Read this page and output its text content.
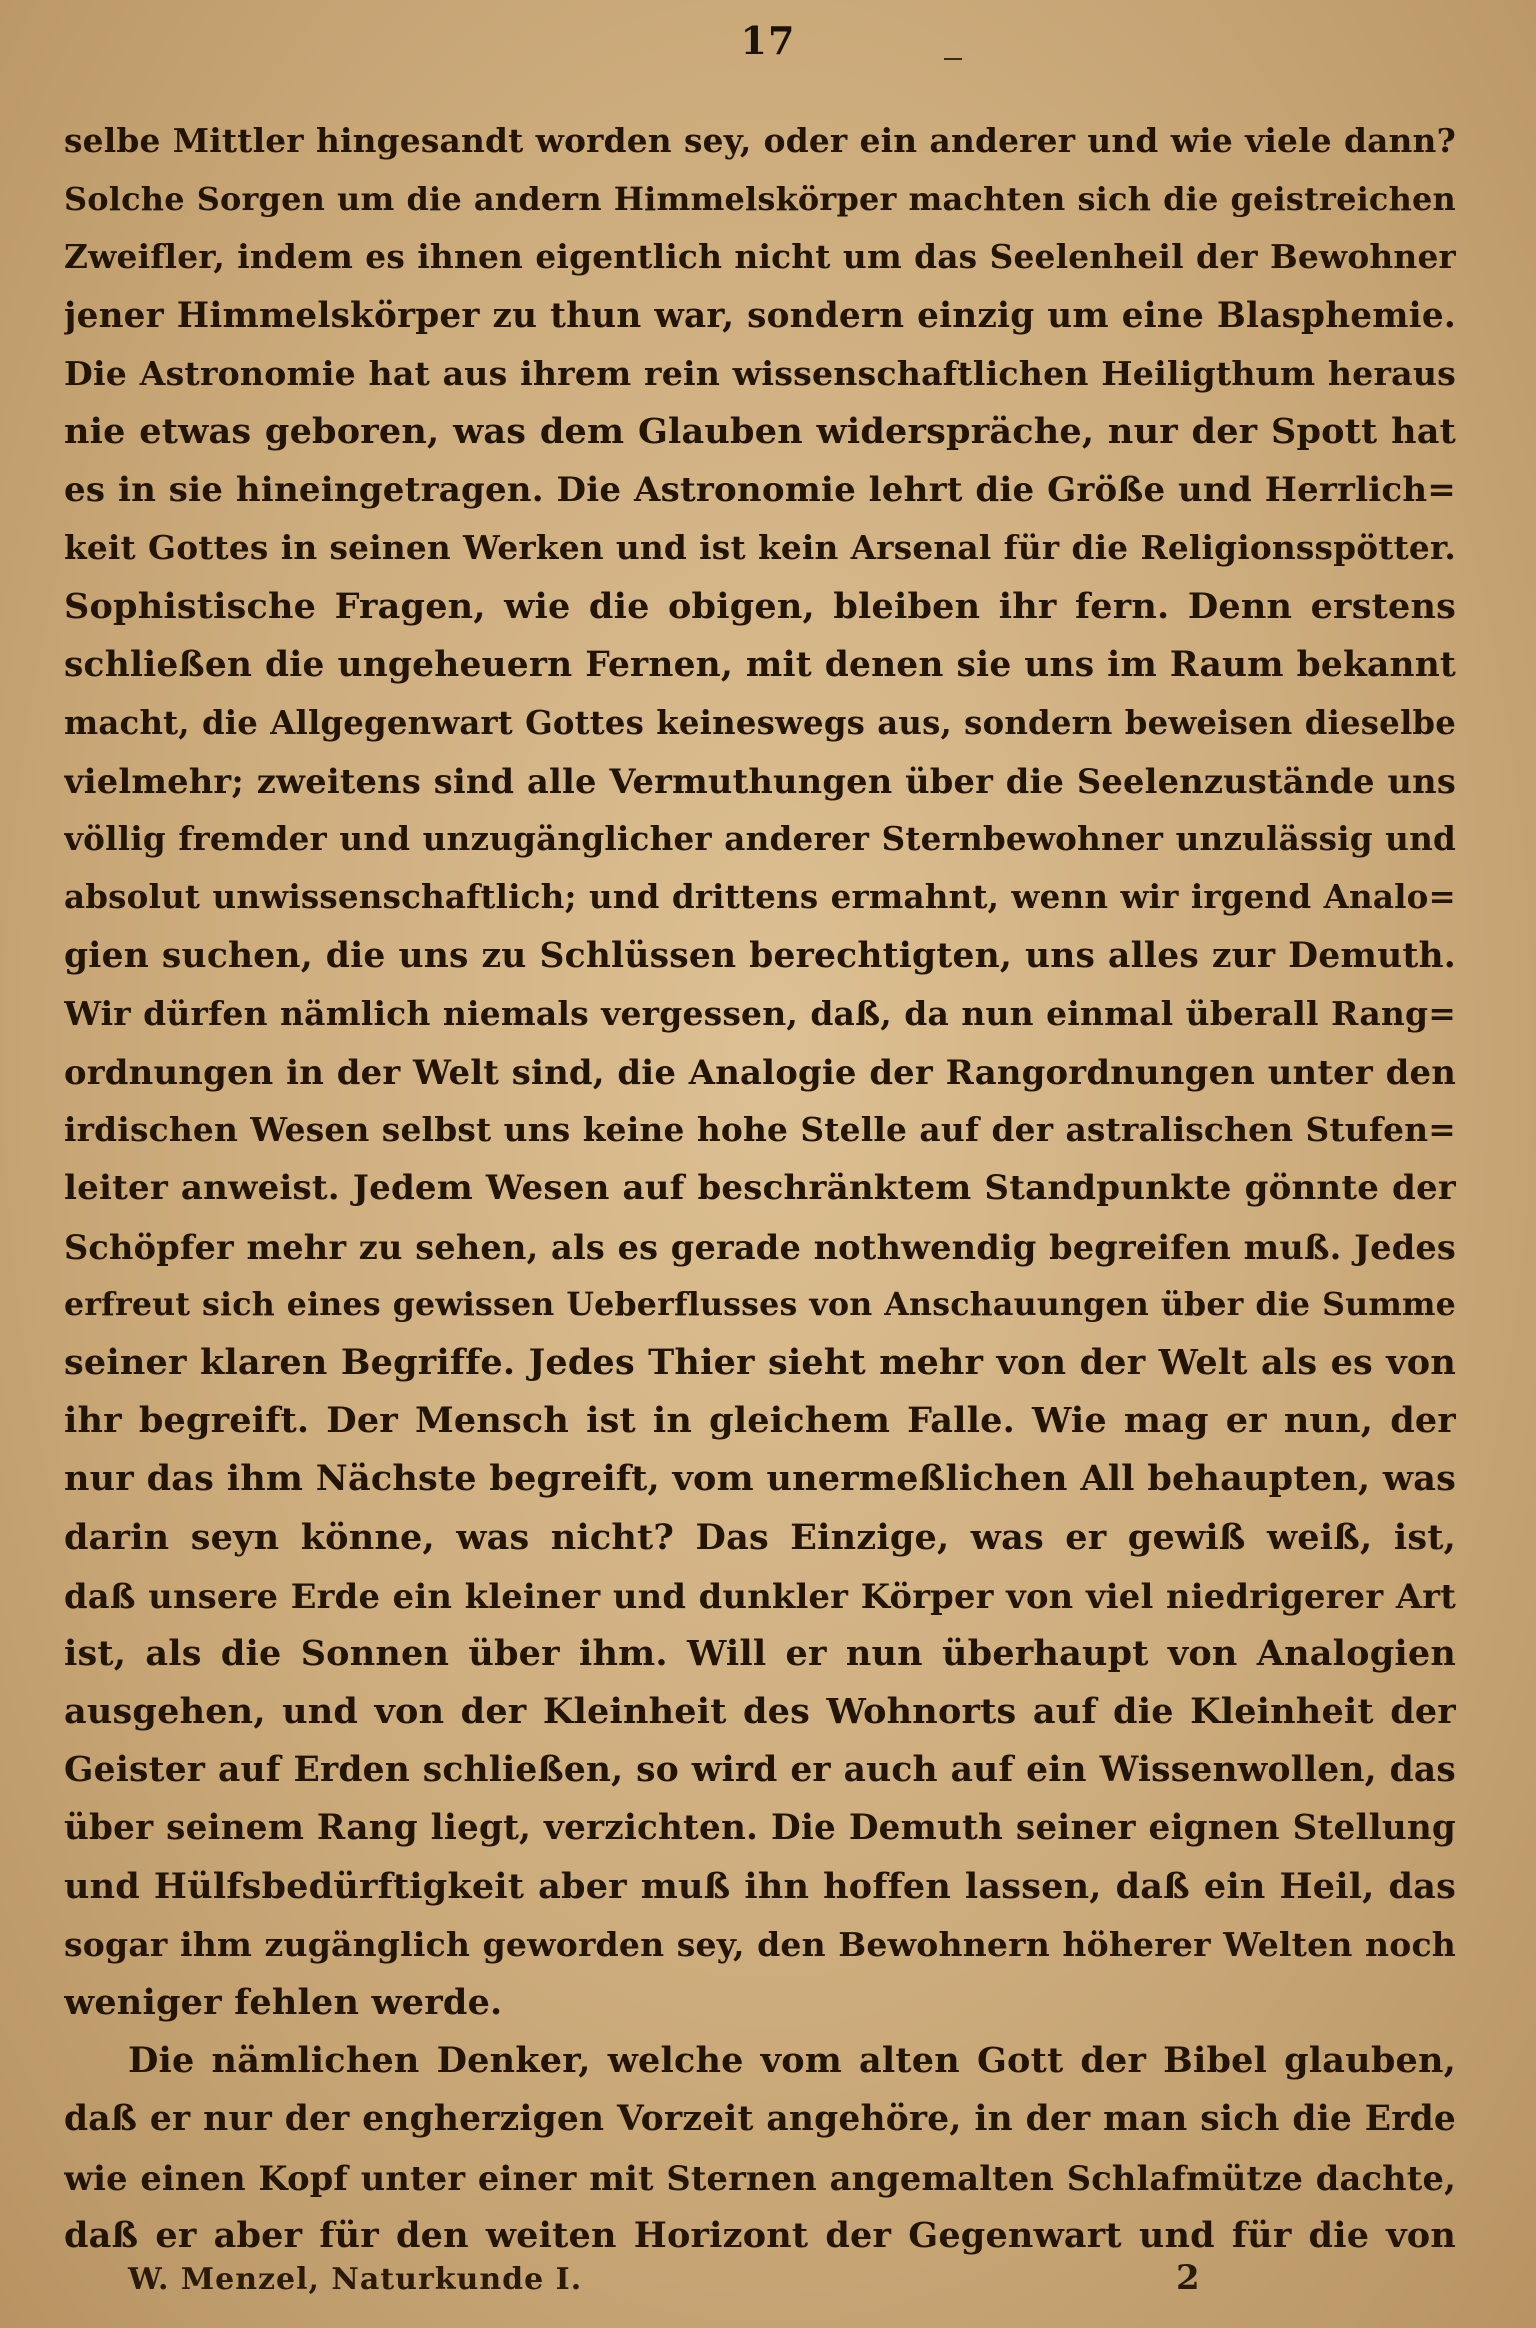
17
selbe Mittler hingesandt worden sey, oder ein anderer und wie viele dann?
Solche Sorgen um die andern Himmelskörper machten sich die geistreichen
Zweifler, indem es ihnen eigentlich nicht um das Seelenheil der Bewohner
jener Himmelskörper zu thun war, sondern einzig um eine Blasphemie.
Die Astronomie hat aus ihrem rein wissenschaftlichen Heiligthum heraus
nie etwas geboren, was dem Glauben widerspräche, nur der Spott hat
es in sie hineingetragen. Die Astronomie lehrt die Größe und Herrlich=
keit Gottes in seinen Werken und ist kein Arsenal für die Religionsspötter.
Sophistische Fragen, wie die obigen, bleiben ihr fern. Denn erstens
schließen die ungeheuern Fernen, mit denen sie uns im Raum bekannt
macht, die Allgegenwart Gottes keineswegs aus, sondern beweisen dieselbe
vielmehr; zweitens sind alle Vermuthungen über die Seelenzustände uns
völlig fremder und unzugänglicher anderer Sternbewohner unzulässig und
absolut unwissenschaftlich; und drittens ermahnt, wenn wir irgend Analo=
gien suchen, die uns zu Schlüssen berechtigten, uns alles zur Demuth.
Wir dürfen nämlich niemals vergessen, daß, da nun einmal überall Rang=
ordnungen in der Welt sind, die Analogie der Rangordnungen unter den
irdischen Wesen selbst uns keine hohe Stelle auf der astralischen Stufen=
leiter anweist. Jedem Wesen auf beschränktem Standpunkte gönnte der
Schöpfer mehr zu sehen, als es gerade nothwendig begreifen muß. Jedes
erfreut sich eines gewissen Ueberflusses von Anschauungen über die Summe
seiner klaren Begriffe. Jedes Thier sieht mehr von der Welt als es von
ihr begreift. Der Mensch ist in gleichem Falle. Wie mag er nun, der
nur das ihm Nächste begreift, vom unermeßlichen All behaupten, was
darin seyn könne, was nicht? Das Einzige, was er gewiß weiß, ist,
daß unsere Erde ein kleiner und dunkler Körper von viel niedrigerer Art
ist, als die Sonnen über ihm. Will er nun überhaupt von Analogien
ausgehen, und von der Kleinheit des Wohnorts auf die Kleinheit der
Geister auf Erden schließen, so wird er auch auf ein Wissenwollen, das
über seinem Rang liegt, verzichten. Die Demuth seiner eignen Stellung
und Hülfsbedürftigkeit aber muß ihn hoffen lassen, daß ein Heil, das
sogar ihm zugänglich geworden sey, den Bewohnern höherer Welten noch
weniger fehlen werde.
Die nämlichen Denker, welche vom alten Gott der Bibel glauben,
daß er nur der engherzigen Vorzeit angehöre, in der man sich die Erde
wie einen Kopf unter einer mit Sternen angemalten Schlafmütze dachte,
daß er aber für den weiten Horizont der Gegenwart und für die von
W. Menzel, Naturkunde I.	2
